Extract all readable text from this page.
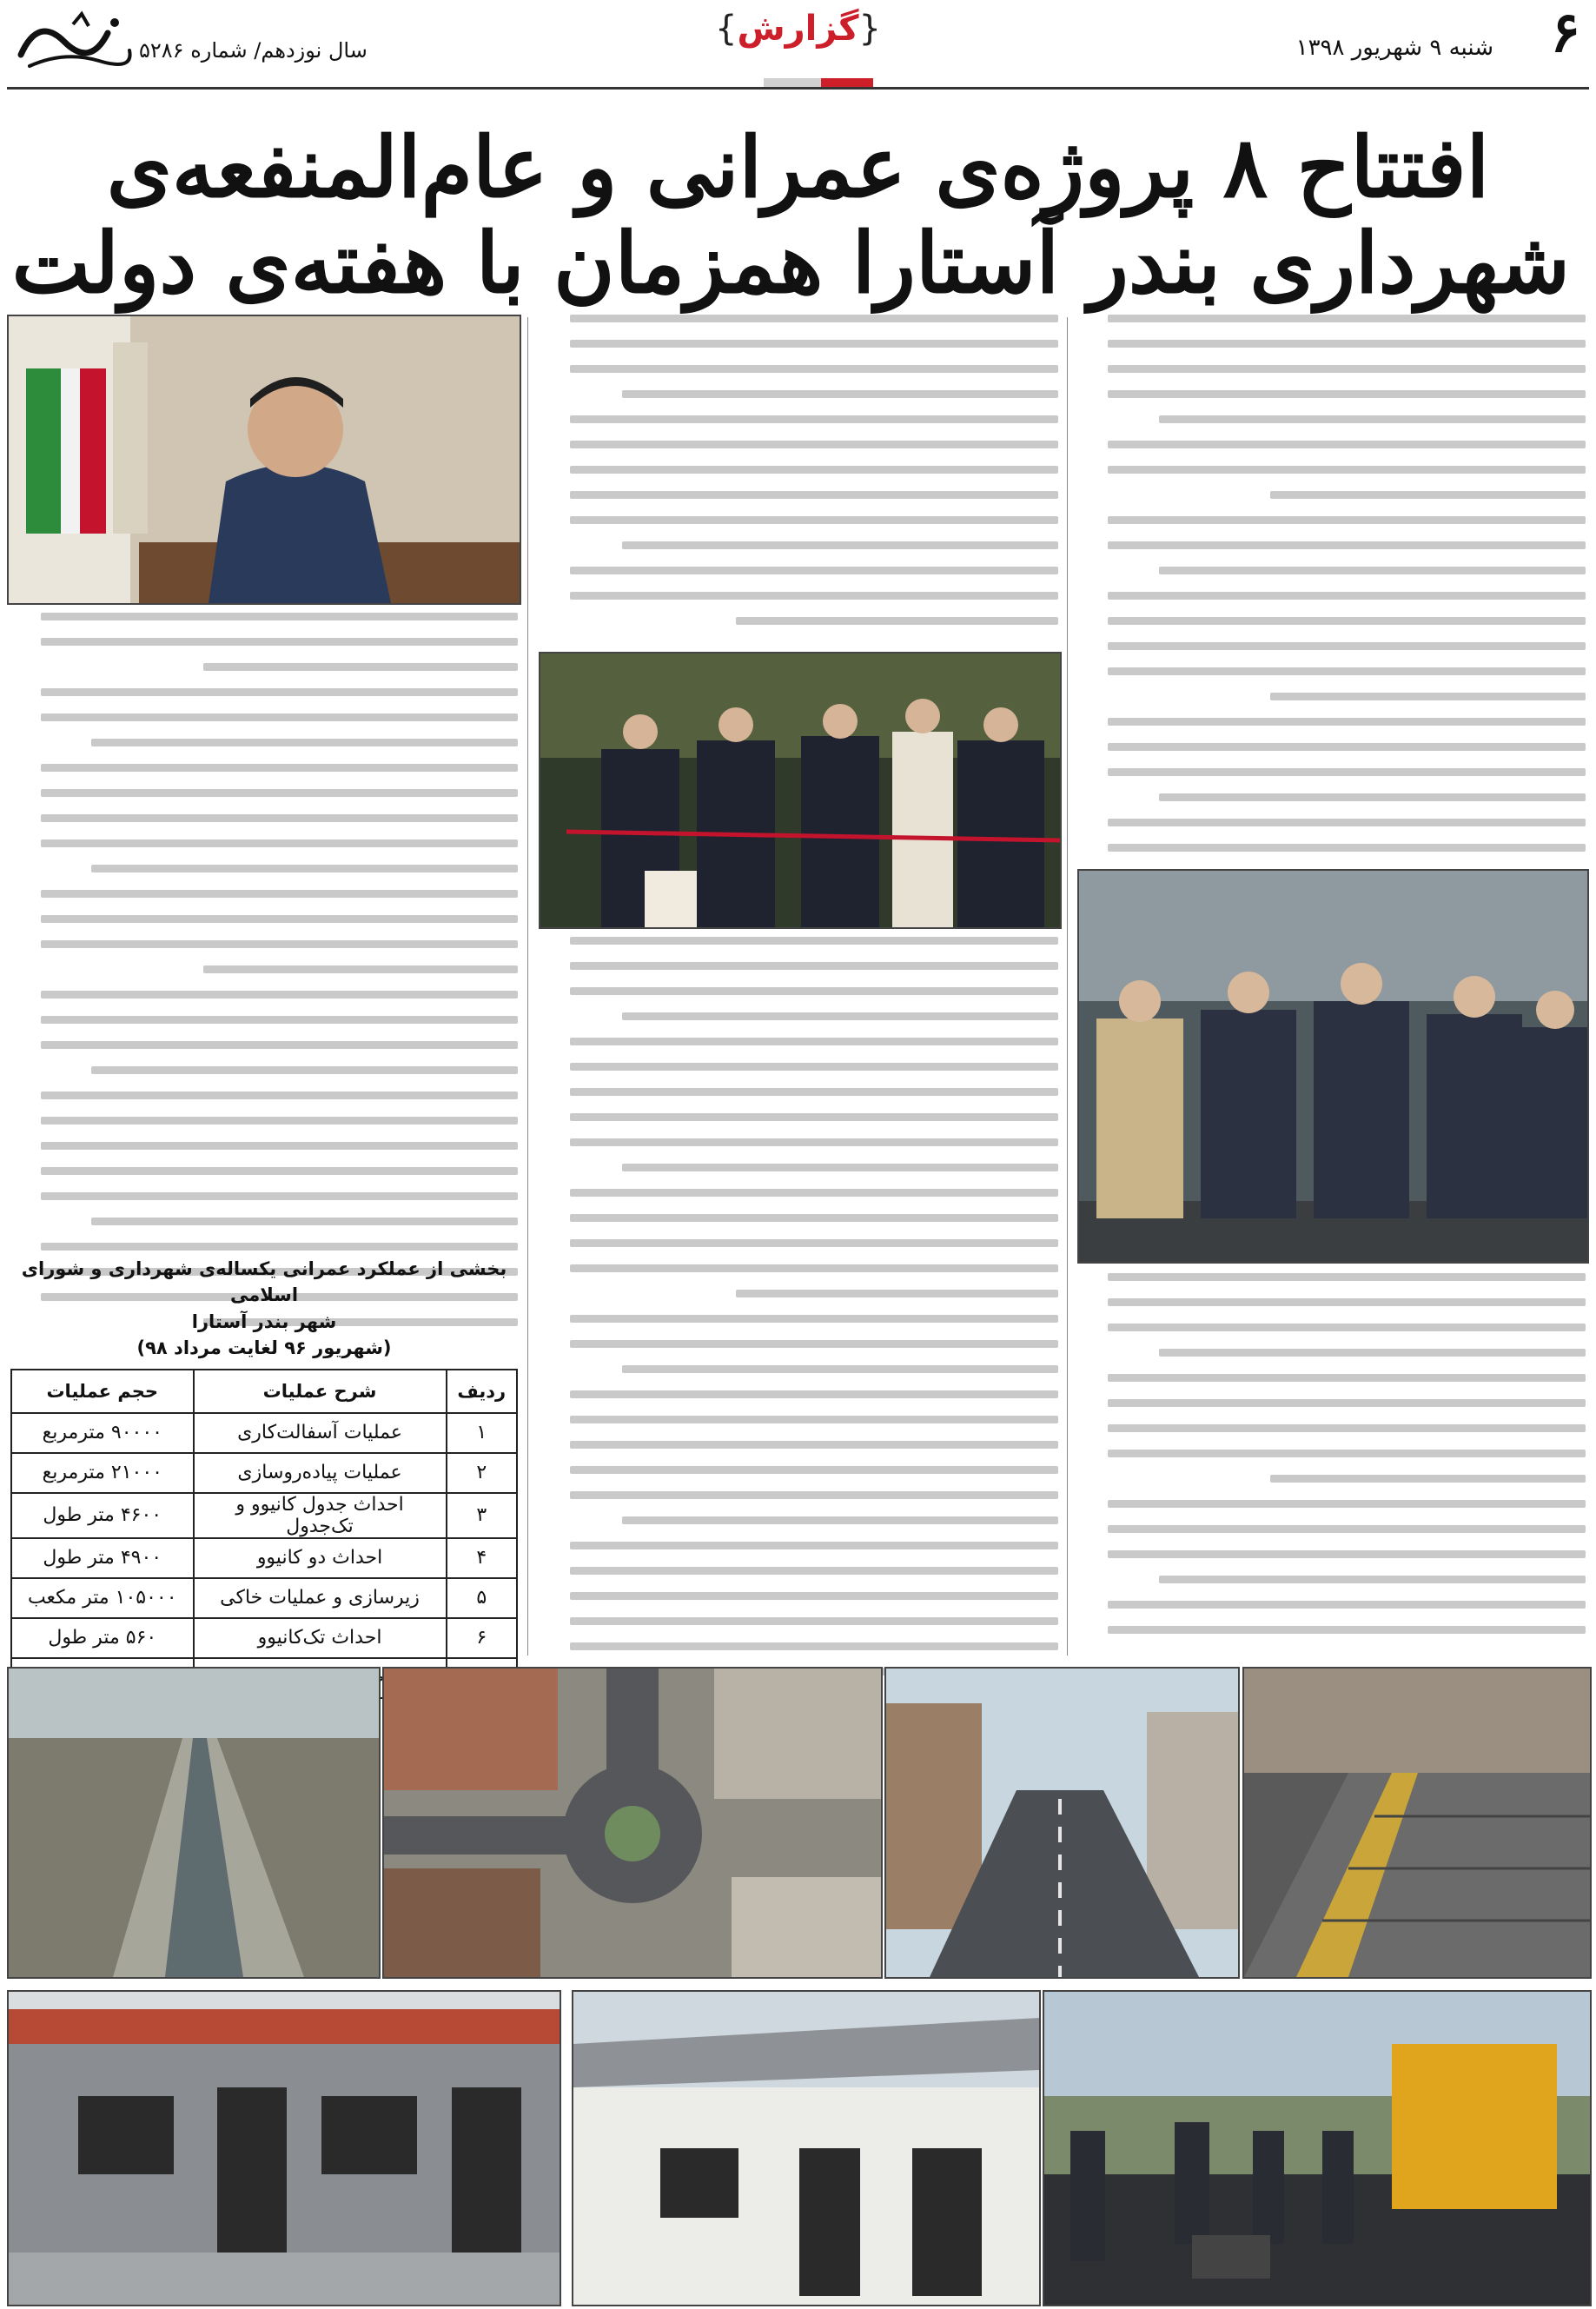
۶
شنبه ۹ شهریور ۱۳۹۸
{گزارش}
سال نوزدهم/ شماره ۵۲۸۶
افتتاح ۸ پروژه‌ی عمرانی و عام‌المنفعه‌ی
شهرداری بندر آستارا همزمان با هفته‌ی دولت
بخشی از عملکرد عمرانی یکساله‌ی شهرداری و شورای اسلامی
شهر بندر آستارا
(شهریور ۹۶ لغایت مرداد ۹۸)
ردیف	شرح عملیات	حجم عملیات
۱	عملیات آسفالت‌کاری	۹۰۰۰۰ مترمربع
۲	عملیات پیاده‌روسازی	۲۱۰۰۰ مترمربع
۳	احداث جدول کانیوو و تک‌جدول	۴۶۰۰ متر طول
۴	احداث دو کانیوو	۴۹۰۰ متر طول
۵	زیرسازی و عملیات خاکی	۱۰۵۰۰۰ متر مکعب
۶	احداث تک‌کانیوو	۵۶۰ متر طول
